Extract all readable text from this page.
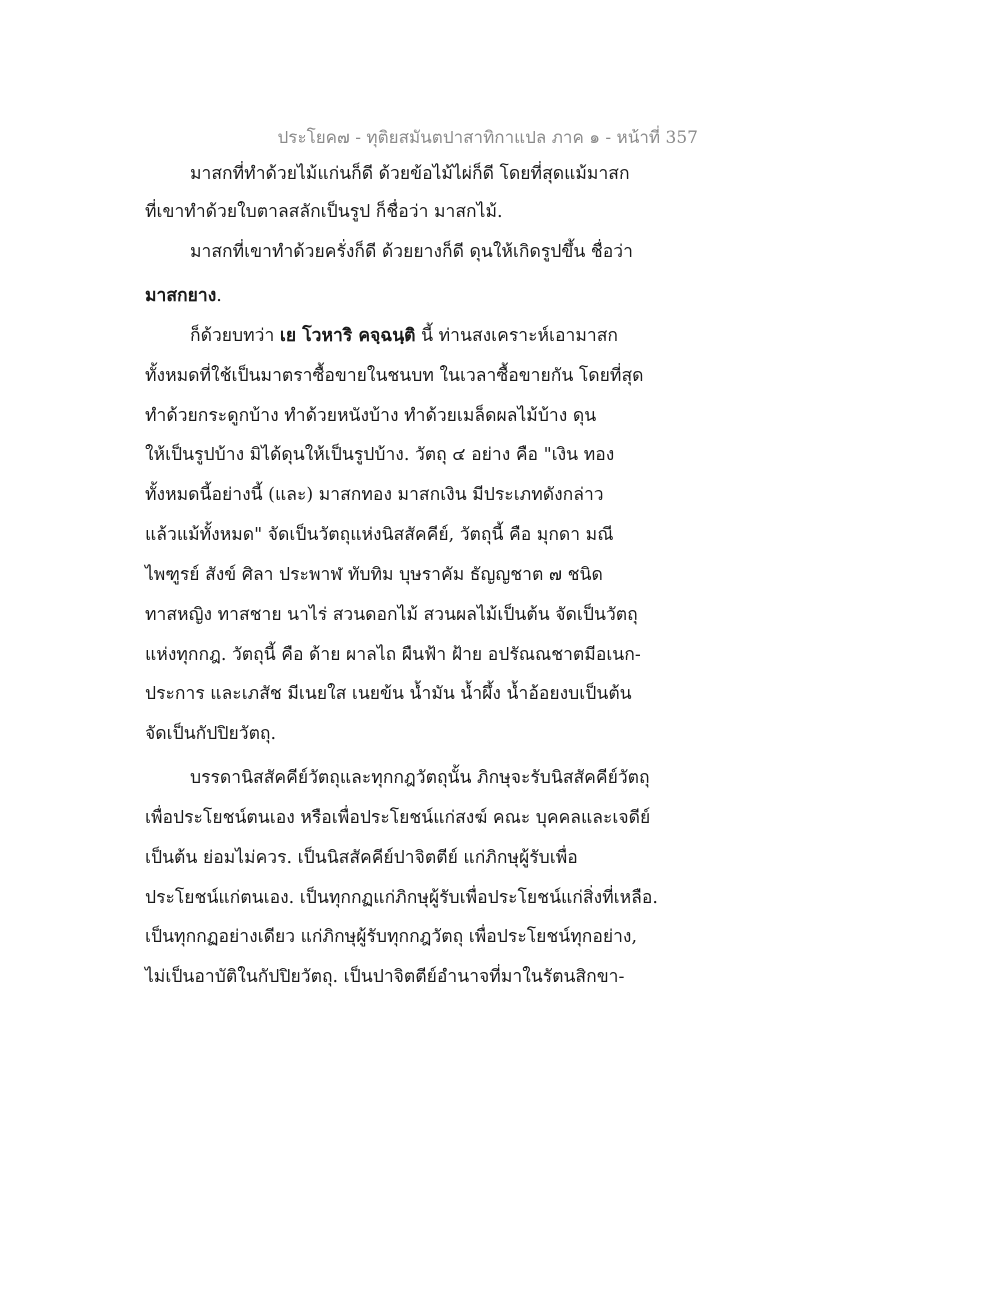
ประโยค๗ - ทุติยสมันตปาสาทิกาแปล ภาค ๑ - หน้าที่ 357
มาสกที่ทำด้วยไม้แก่นก็ดี ด้วยข้อไม้ไผ่ก็ดี โดยที่สุดแม้มาสก
ที่เขาทำด้วยใบตาลสลักเป็นรูป ก็ชื่อว่า มาสกไม้.
มาสกที่เขาทำด้วยครั่งก็ดี ด้วยยางก็ดี ดุนให้เกิดรูปขึ้น ชื่อว่า
มาสกยาง.
ก็ด้วยบทว่า เย โวหาริ คจฺฉนฺติ นี้ ท่านสงเคราะห์เอามาสก
ทั้งหมดที่ใช้เป็นมาตราซื้อขายในชนบท ในเวลาซื้อขายกัน โดยที่สุด
ทำด้วยกระดูกบ้าง ทำด้วยหนังบ้าง ทำด้วยเมล็ดผลไม้บ้าง ดุน
ให้เป็นรูปบ้าง มิได้ดุนให้เป็นรูปบ้าง. วัตถุ ๔ อย่าง คือ "เงิน ทอง
ทั้งหมดนี้อย่างนี้ (และ) มาสกทอง มาสกเงิน มีประเภทดังกล่าว
แล้วแม้ทั้งหมด" จัดเป็นวัตถุแห่งนิสสัคคีย์, วัตถุนี้ คือ มุกดา มณี
ไพฑูรย์ สังข์ ศิลา ประพาฬ ทับทิม บุษราคัม ธัญญชาต ๗ ชนิด
ทาสหญิง ทาสชาย นาไร่ สวนดอกไม้ สวนผลไม้เป็นต้น จัดเป็นวัตถุ
แห่งทุกกฎ. วัตถุนี้ คือ ด้าย ผาลไถ ผืนฟ้า ฝ้าย อปรัณณชาตมีอเนก-
ประการ และเภสัช มีเนยใส เนยข้น น้ำมัน น้ำผึ้ง น้ำอ้อยงบเป็นต้น
จัดเป็นกัปปิยวัตถุ.
บรรดานิสสัคคีย์วัตถุและทุกกฎวัตถุนั้น ภิกษุจะรับนิสสัคคีย์วัตถุ
เพื่อประโยชน์ตนเอง หรือเพื่อประโยชน์แก่สงฆ์ คณะ บุคคลและเจดีย์
เป็นต้น ย่อมไม่ควร. เป็นนิสสัคคีย์ปาจิตตีย์ แก่ภิกษุผู้รับเพื่อ
ประโยชน์แก่ตนเอง. เป็นทุกกฏแก่ภิกษุผู้รับเพื่อประโยชน์แก่สิ่งที่เหลือ.
เป็นทุกกฏอย่างเดียว แก่ภิกษุผู้รับทุกกฎวัตถุ เพื่อประโยชน์ทุกอย่าง,
ไม่เป็นอาบัติในกัปปิยวัตถุ. เป็นปาจิตตีย์อำนาจที่มาในรัตนสิกขา-
